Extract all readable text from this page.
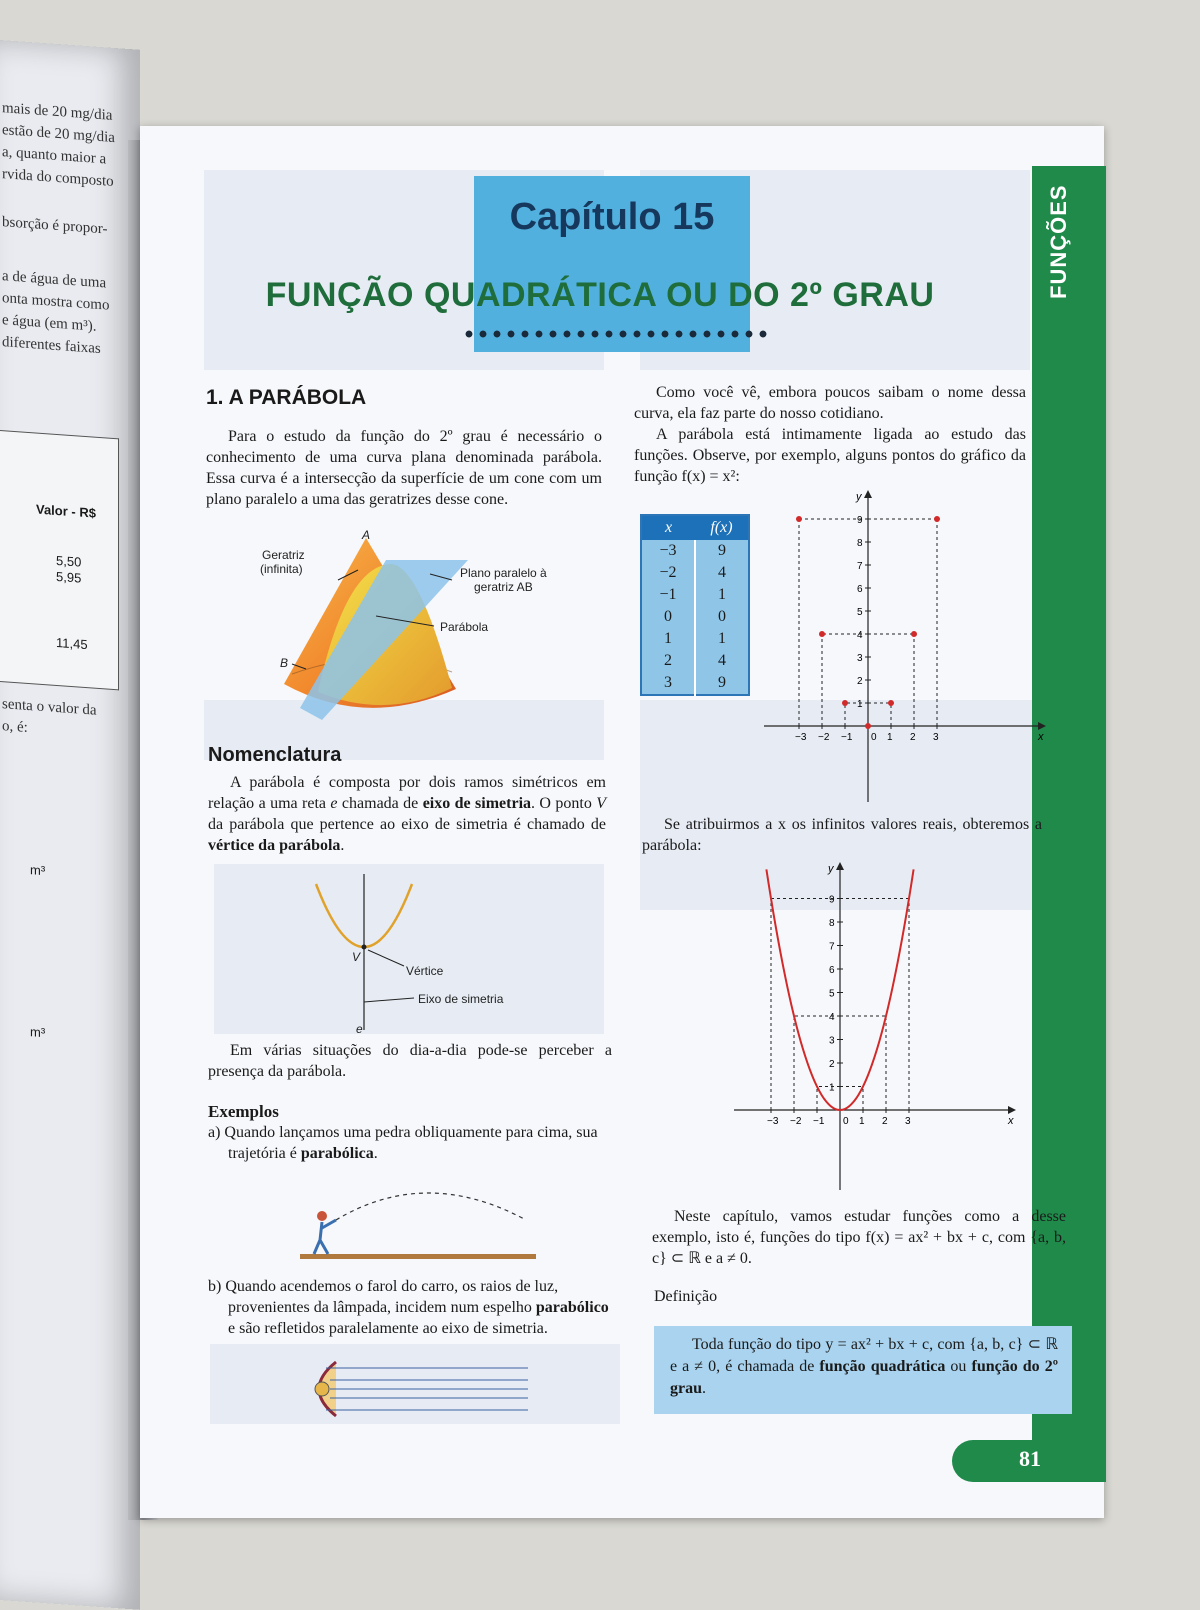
mais de 20 mg/dia
estão de 20 mg/dia
a, quanto maior a
rvida do composto
bsorção é propor-
a de água de uma
onta mostra como
e água (em m³).
diferentes faixas
Valor - R$
5,50
5,95
11,45
senta o valor da
o, é:
m³
m³
FUNÇÕES
Capítulo 15
FUNÇÃO QUADRÁTICA OU DO 2º GRAU
1. A PARÁBOLA

Para o estudo da função do 2º grau é necessário o conhecimento de uma curva plana denominada parábola. Essa curva é a intersecção da superfície de um cone com um plano paralelo a uma das geratrizes desse cone.

A
Geratriz
(infinita)	Plano paralelo à
geratriz AB
Parábola
B
Nomenclatura

A parábola é composta por dois ramos simétricos em relação a uma reta e chamada de eixo de simetria. O ponto V da parábola que pertence ao eixo de simetria é chamado de vértice da parábola.

V
Vértice
Eixo de simetria
e

Em várias situações do dia-a-dia pode-se perceber a presença da parábola.

Exemplos
a) Quando lançamos uma pedra obliquamente para cima, sua trajetória é parabólica.
b) Quando acendemos o farol do carro, os raios de luz, provenientes da lâmpada, incidem num espelho parabólico e são refletidos paralelamente ao eixo de simetria.

Como você vê, embora poucos saibam o nome dessa curva, ela faz parte do nosso cotidiano.

A parábola está intimamente ligada ao estudo das funções. Observe, por exemplo, alguns pontos do gráfico da função f(x) = x²:

x	f(x)
−3	9
−2	4
−1	1
0	0
1	1
2	4
3	9
x
y
−3 −2 −1 0 1 2 3
1
2
3
4
5
6
7
8
9

Se atribuirmos a x os infinitos valores reais, obteremos a parábola:

x
y
−3 −2 −1 0 1 2 3
1
2
3
4
5
6
7
8
9

Neste capítulo, vamos estudar funções como a desse exemplo, isto é, funções do tipo f(x) = ax² + bx + c, com {a, b, c} ⊂ ℝ e a ≠ 0.

Definição

Toda função do tipo y = ax² + bx + c, com {a, b, c} ⊂ ℝ e a ≠ 0, é chamada de função quadrática ou função do 2º grau.

81
